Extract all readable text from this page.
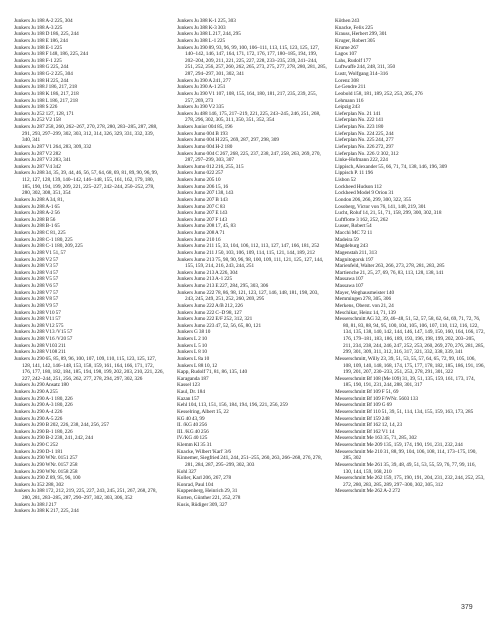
Junkers Ju 188 A-2 225, 304
Junkers Ju 188 A-3 225
Junkers Ju 188 D 186, 225, 244
Junkers Ju 188 E 186, 244
Junkers Ju 188 E-1 225
Junkers Ju 188 F 148, 186, 225, 244
Junkers Ju 188 F-1 225
Junkers Ju 188 G 225, 244
Junkers Ju 188 G-2 225, 304
Junkers Ju 188 H 225, 244
Junkers Ju 188 J 186, 217, 218
Junkers Ju 188 K 186, 217, 218
Junkers Ju 188 L 186, 217, 218
Junkers Ju 188 S 226
Junkers Ju 252 127, 128, 171
Junkers Ju 252 V2 158
Junkers Ju 287 258, 260, 262–267, 270, 278, 280, 283–285, 287, 288, 291, 293, 297–299, 302, 303, 312, 314, 326, 329, 331, 332, 339, 340, 341
Junkers Ju 287 V1 264, 283, 309, 332
Junkers Ju 287 V2 282
Junkers Ju 287 V3 283, 341
Junkers Ju 287 V4 342
Junkers Ju 288 34, 35, 39, 44, 46, 56, 57, 64, 68, 69, 81, 89, 90, 96, 99, 112, 127, 128, 139, 140–142, 146–148, 155, 161, 162, 179, 180, 185, 190, 194, 199, 209, 221, 225–227, 242–244, 250–252, 278, 280, 302, 308, 351, 354
Junkers Ju 288 A 34, 81,
Junkers Ju 288 A-1 65
Junkers Ju 288 A-2 56
Junkers Ju 288 B 56
Junkers Ju 288 B-1 65
Junkers Ju 288 C 81, 225
Junkers Ju 288 C-1 180, 225
Junkers Ju 288 C-1 180, 209, 225
Junkers Ju 288 V1 51, 57
Junkers Ju 288 V2 57
Junkers Ju 288 V3 57
Junkers Ju 288 V4 57
Junkers Ju 288 V5 57
Junkers Ju 288 V6 57
Junkers Ju 288 V7 57
Junkers Ju 288 V8 57
Junkers Ju 288 V9 57
Junkers Ju 288 V10 57
Junkers Ju 288 V11 57
Junkers Ju 288 V12 575
Junkers Ju 288 V13 /V15 57
Junkers Ju 288 V16 /V20 57
Junkers Ju 288 V103 211
Junkers Ju 288 V108 211
Junkers Ju 290 65, 85, 89, 96, 100, 107, 109, 110, 115, 123, 125, 127, 128, 141, 142, 146–148, 153, 158, 159, 161, 164, 166, 171, 172, 176, 177, 180, 182, 184, 185, 194, 198, 199, 202, 203, 210, 221, 226, 227, 242–244, 251, 256, 262, 277, 278, 294, 297, 302, 326
Junkers Ju 290 Ansatz 180
Junkers Ju 290 A 255
Junkers Ju 290 A-1 180, 226
Junkers Ju 290 A-3 180, 226
Junkers Ju 290 A-4 226
Junkers Ju 290 A-5 226
Junkers Ju 290 B 202, 226, 238, 244, 256, 257
Junkers Ju 290 B-1 180, 226
Junkers Ju 290 B-2 238, 241, 242, 244
Junkers Ju 290 C 252
Junkers Ju 290 D-1 181
Junkers Ju 290 WNr. 0151 257
Junkers Ju 290 WNr. 0157 258
Junkers Ju 290 WNr. 0158 258
Junkers Ju 290 Z 89, 95, 96, 100
Junkers Ju 352 288, 302
Junkers Ju 388 172, 212, 219, 225, 227, 243, 245, 251, 267, 268, 278, 280, 281, 283–285, 287, 290–297, 302, 303, 306, 352
Junkers Ju 388 J 217
Junkers Ju 388 K 217, 225, 244
Junkers Ju 388 K-1 225, 303
Junkers Ju 388 K-3 303
Junkers Ju 388 L 217, 244, 295
Junkers Ju 388 L-1 225
Junkers Ju 390 89, 93, 96, 99, 100, 106–111, 113, 115, 123, 125, 127, 140–142, 146, 147, 164, 171, 172, 176, 177, 180–185, 194, 199, 202–204, 209, 211, 221, 225, 227, 228, 233–235, 239, 241–244, 251, 252, 256, 257, 260, 262, 265, 273, 275, 277, 278, 280, 281, 285, 287, 294–297, 301, 302, 341
Junkers Ju 390 A 241, 277
Junkers Ju 390 A-1 251
Junkers Ju 390 V1 107, 108, 155, 164, 180, 181, 217, 235, 239, 255, 257, 269, 273
Junkers Ju 390 V2 335
Junkers Ju 488 146, 175, 217–219, 221, 225, 243–245, 246, 251, 268, 278, 296, 302, 305, 311, 350, 351, 352, 354
Junkers Junior 004 85, 196
Junkers Jumo 004 B 193
Junkers Jumo 004 H 225, 269, 287, 297, 298, 309
Junkers Jumo 004 H-2 180
Junkers Jumo 004 C 267, 268, 225, 237, 238, 247, 258, 263, 269, 270, 287, 297–299, 303, 307
Junkers Jumo 012 216, 255, 315
Junkers Jumo 022 257
Junkers Jumo 205 10
Junkers Jumo 206 15, 16
Junkers Jumo 207 138, 143
Junkers Jumo 207 B 143
Junkers Jumo 207 C 83
Junkers Jumo 207 E 143
Junkers Jumo 207 F 143
Junkers Jumo 208 17, 45, 83
Junkers Jumo 208 A 71
Junkers Jumo 210 16
Junkers Jumo 211 15, 33, 104, 106, 112, 113, 127, 147, 166, 181, 252
Junkers Jumo 211 J 50, 103, 106, 109, 114, 115, 121, 144, 189, 212
Junkers Jumo 213 75, 98, 90, 96, 98, 100, 109, 111, 121, 125, 127, 144, 155, 159, 214, 216, 243, 244, 251
Junkers Jumo 213 A 226, 304
Junkers Jumo 213 A-1 225
Junkers Jumo 213 E 227, 284, 295, 303, 306
Junkers Jumo 222 78, 86, 98, 121, 123, 127, 146, 148, 181, 198, 203, 243, 245, 249, 251, 252, 260, 269, 295
Junkers Jumo 222 A/B 212, 226
Junkers Jumo 222 C–D 98, 127
Junkers Jumo 222 E/F 252, 312, 321
Junkers Jumo 223 47, 52, 56, 65, 80, 121
Junkers G 38 10
Junkers L 2 10
Junkers L 5 10
Junkers L 8 10
Junkers L 8a 10
Junkers L 88 10, 12
Kapp, Rudolf 71, 81, 86, 135, 140
Karaganda 187
Kassel 123
Kaul, Dr. 184
Kazan 157
Kehl 104, 113, 151, 156, 184, 194, 196, 221, 256, 259
Kesselring, Albert 15, 22
KG 40 43, 99
II. /KG 40 256
III. /KG 40 256
IV./KG 40 125
Klemm KI 35 31
Knacke, Wilbert 'Karl' 3/6
Kinnemer, Siegfried 241, 244, 251–255, 260, 263, 266–268, 276, 278, 281, 284, 287, 295–299, 302, 303
Kohl 327
Koller, Karl 206, 267, 278
Konrad, Paul 104
Kuppenberg, Heinrich 29, 31
Korten, Günther 221, 252, 278
Kusis, Rüdiger 309, 327
Köthen 243
Knacke, Felix 225
Krauss, Herbert 299, 301
Kruger, Robert 305
Krume 267
Lagos 107
Lahs, Rudolf 177
Luftwaffe 244, 248, 311, 350
Lustr, Wolfgang 314–316
Lorenz 308
Le Gendre 211
Leobold 158, 181, 189, 252, 253, 265, 276
Lehmann 116
Leipzig 243
Lieferplan No. 21 141
Lieferplan No. 222 141
Lieferplan No. 223 180
Lieferplan No. 224 225, 244
Lieferplan No. 225 244, 277
Lieferplan No. 226 272, 297
Lieferplan No. 226 /2 302, 312
Linke-Hofmann 222, 224
Lippisch, Alexander 55, 66, 71, 74, 138, 146, 196, 309
Lippisch P. 11 196
Lisbon 52
Lockheed Hudson 112
Lockheed Model 9 Orion 31
London 206, 266, 299, 300, 322, 355
Losoberg, Victor von 76, 141, 148, 219, 301
Lucht, Roluf 14, 21, 51, 71, 158, 299, 300, 302, 318
Luftflotte 3 162, 252, 262
Lusser, Robert 54
Macchi MC 72 11
Madeira 59
Magdeburg 243
Magenstah 211, 313
Magnitogorsk 197
Marienfeld, Walter 263, 266, 273, 278, 281, 283, 285
Martienche 21, 25, 27, 69, 76, 83, 113, 128, 138, 141
Massawa 107
Massawa 107
Mayer, Weghausmeister 140
Memmingen 278, 305, 306
Merkens, Oberst. von 21, 24
Meschikar, Heinz 14, 71, 139
Messerschmitt AG 32, 39, 46–48, 51, 52, 57, 58, 62, 64, 69, 71, 72, 76, 80, 81, 83, 88, 94, 95, 100, 104, 105, 106, 107, 110, 112, 116, 122, 134, 135, 138, 140, 142, 144, 146, 147, 149, 150, 160, 164, 166, 172, 176, 179–181, 183, 186, 189, 193, 196, 198, 199, 202, 203–205, 211, 234, 238, 244, 246, 247, 252, 253, 260, 269, 270, 276, 281, 285, 299, 301, 309, 311, 312, 316, 317, 321, 332, 338, 339, 341
Messerschmitt, Willy 23, 39, 51, 53, 55, 57, 64, 65, 72, 99, 105, 106, 108, 109, 140, 148, 168, 174, 175, 177, 178, 182, 185, 186, 191, 196, 199, 201, 207, 230–233, 251, 253, 278, 291, 301, 322
Messerschmitt Bf 108 (Me 109) 31, 39, 51, 135, 159, 161, 173, 174, 185, 190, 191, 231, 244, 288, 301, 317
Messerschmitt Bf 109 F 51, 69
Messerschmitt Bf 109 F/WNr. 5603 133
Messerschmitt Bf 109 G 69
Messerschmitt Bf 110 51, 39, 51, 114, 134, 155, 159, 163, 173, 285
Messerschmitt Bf 159 248
Messerschmitt Bf 162 12, 14, 23
Messerschmitt Bf 162 V1 14
Messerschmitt Me 163 35, 71, 285, 302
Messerschmitt Me 209 135, 159, 174, 190, 191, 231, 232, 244
Messerschmitt Me 210 31, 88, 99, 104, 106, 108, 114, 173–175, 190, 285, 302
Messerschmitt Me 261 35, 39, 48, 49, 51, 53, 55, 59, 76, 77, 99, 116, 130, 144, 159, 168, 210
Messerschmitt Me 262 159, 175, 190, 191, 204, 231, 232, 244, 252, 253, 272, 280, 283, 285, 289, 297–300, 302, 305, 312
Messerschmitt Me 262 A-2 272
379
